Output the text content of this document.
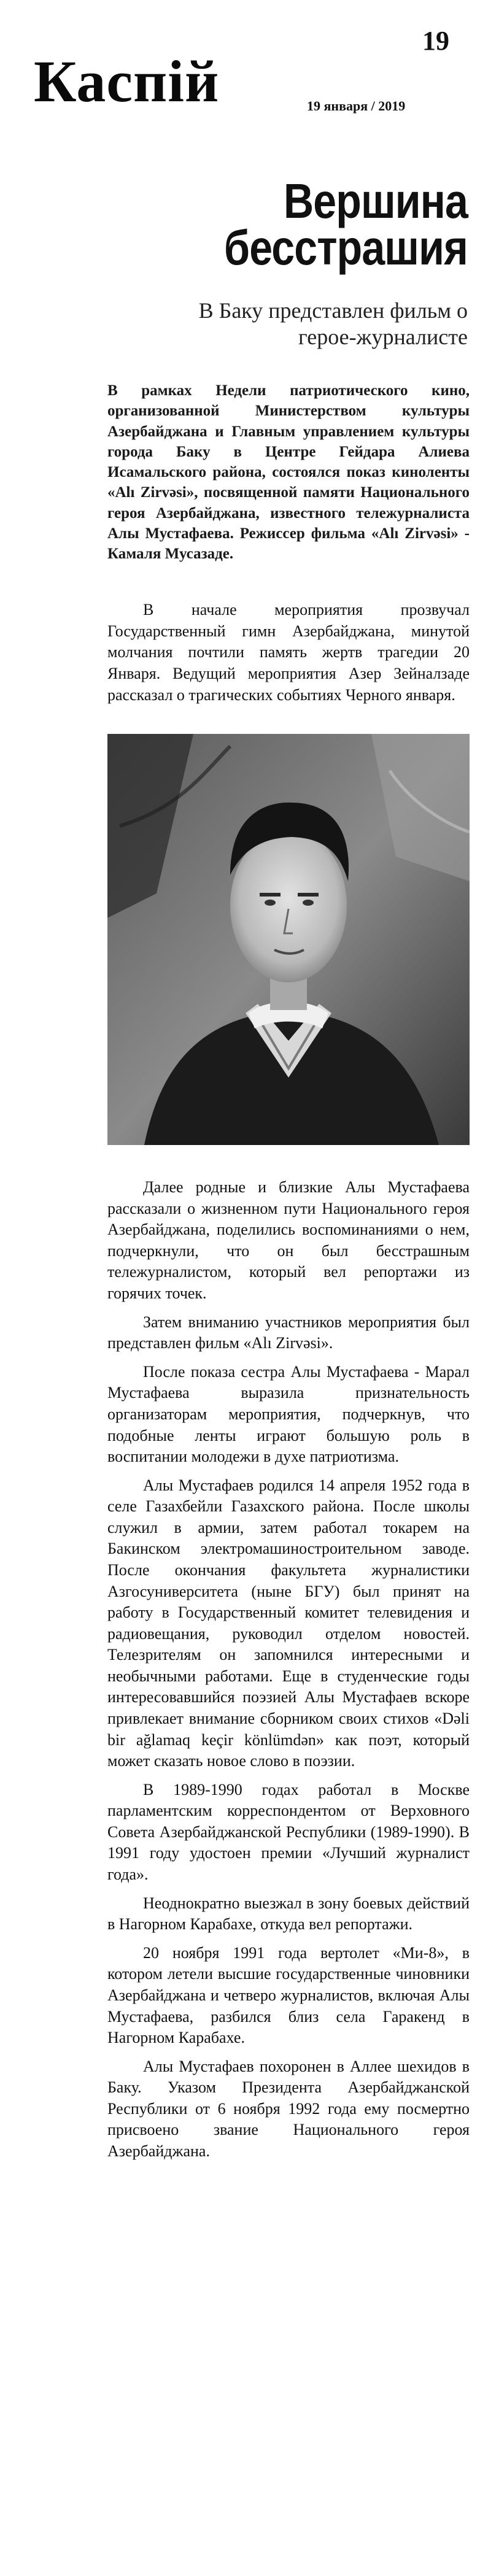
Каспiй
19
19 января / 2019
Вершина
бесстрашия
В Баку представлен фильм о герое-журналисте

В рамках Недели патриотического кино, организованной Министерством культуры Азербайджана и Главным управлением культуры города Баку в Центре Гейдара Алиева Исамальского района, состоялся показ киноленты «Alı Zirvəsi», посвященной памяти Национального героя Азербайджана, известного тележурналиста Алы Мустафаева. Режиссер фильма «Alı Zirvəsi» - Камаля Мусазаде.

В начале мероприятия прозвучал Государственный гимн Азербайджана, минутой молчания почтили память жертв трагедии 20 Января. Ведущий мероприятия Азер Зейналзаде рассказал о трагических событиях Черного января.

Далее родные и близкие Алы Мустафаева рассказали о жизненном пути Национального героя Азербайджана, поделились воспоминаниями о нем, подчеркнули, что он был бесстрашным тележурналистом, который вел репортажи из горячих точек.

Затем вниманию участников мероприятия был представлен фильм «Alı Zirvəsi».

После показа сестра Алы Мустафаева - Марал Мустафаева выразила признательность организаторам мероприятия, подчеркнув, что подобные ленты играют большую роль в воспитании молодежи в духе патриотизма.

Алы Мустафаев родился 14 апреля 1952 года в селе Газахбейли Газахского района. После школы служил в армии, затем работал токарем на Бакинском электромашиностроительном заводе. После окончания факультета журналистики Азгосуниверситета (ныне БГУ) был принят на работу в Государственный комитет телевидения и радиовещания, руководил отделом новостей. Телезрителям он запомнился интересными и необычными работами. Еще в студенческие годы интересовавшийся поэзией Алы Мустафаев вскоре привлекает внимание сборником своих стихов «Dəli bir ağlamaq keçir könlümdən» как поэт, который может сказать новое слово в поэзии.

В 1989-1990 годах работал в Москве парламентским корреспондентом от Верховного Совета Азербайджанской Республики (1989-1990). В 1991 году удостоен премии «Лучший журналист года».

Неоднократно выезжал в зону боевых действий в Нагорном Карабахе, откуда вел репортажи.

20 ноября 1991 года вертолет «Ми-8», в котором летели высшие государственные чиновники Азербайджана и четверо журналистов, включая Алы Мустафаева, разбился близ села Гаракенд в Нагорном Карабахе.

Алы Мустафаев похоронен в Аллее шехидов в Баку. Указом Президента Азербайджанской Республики от 6 ноября 1992 года ему посмертно присвоено звание Национального героя Азербайджана.
